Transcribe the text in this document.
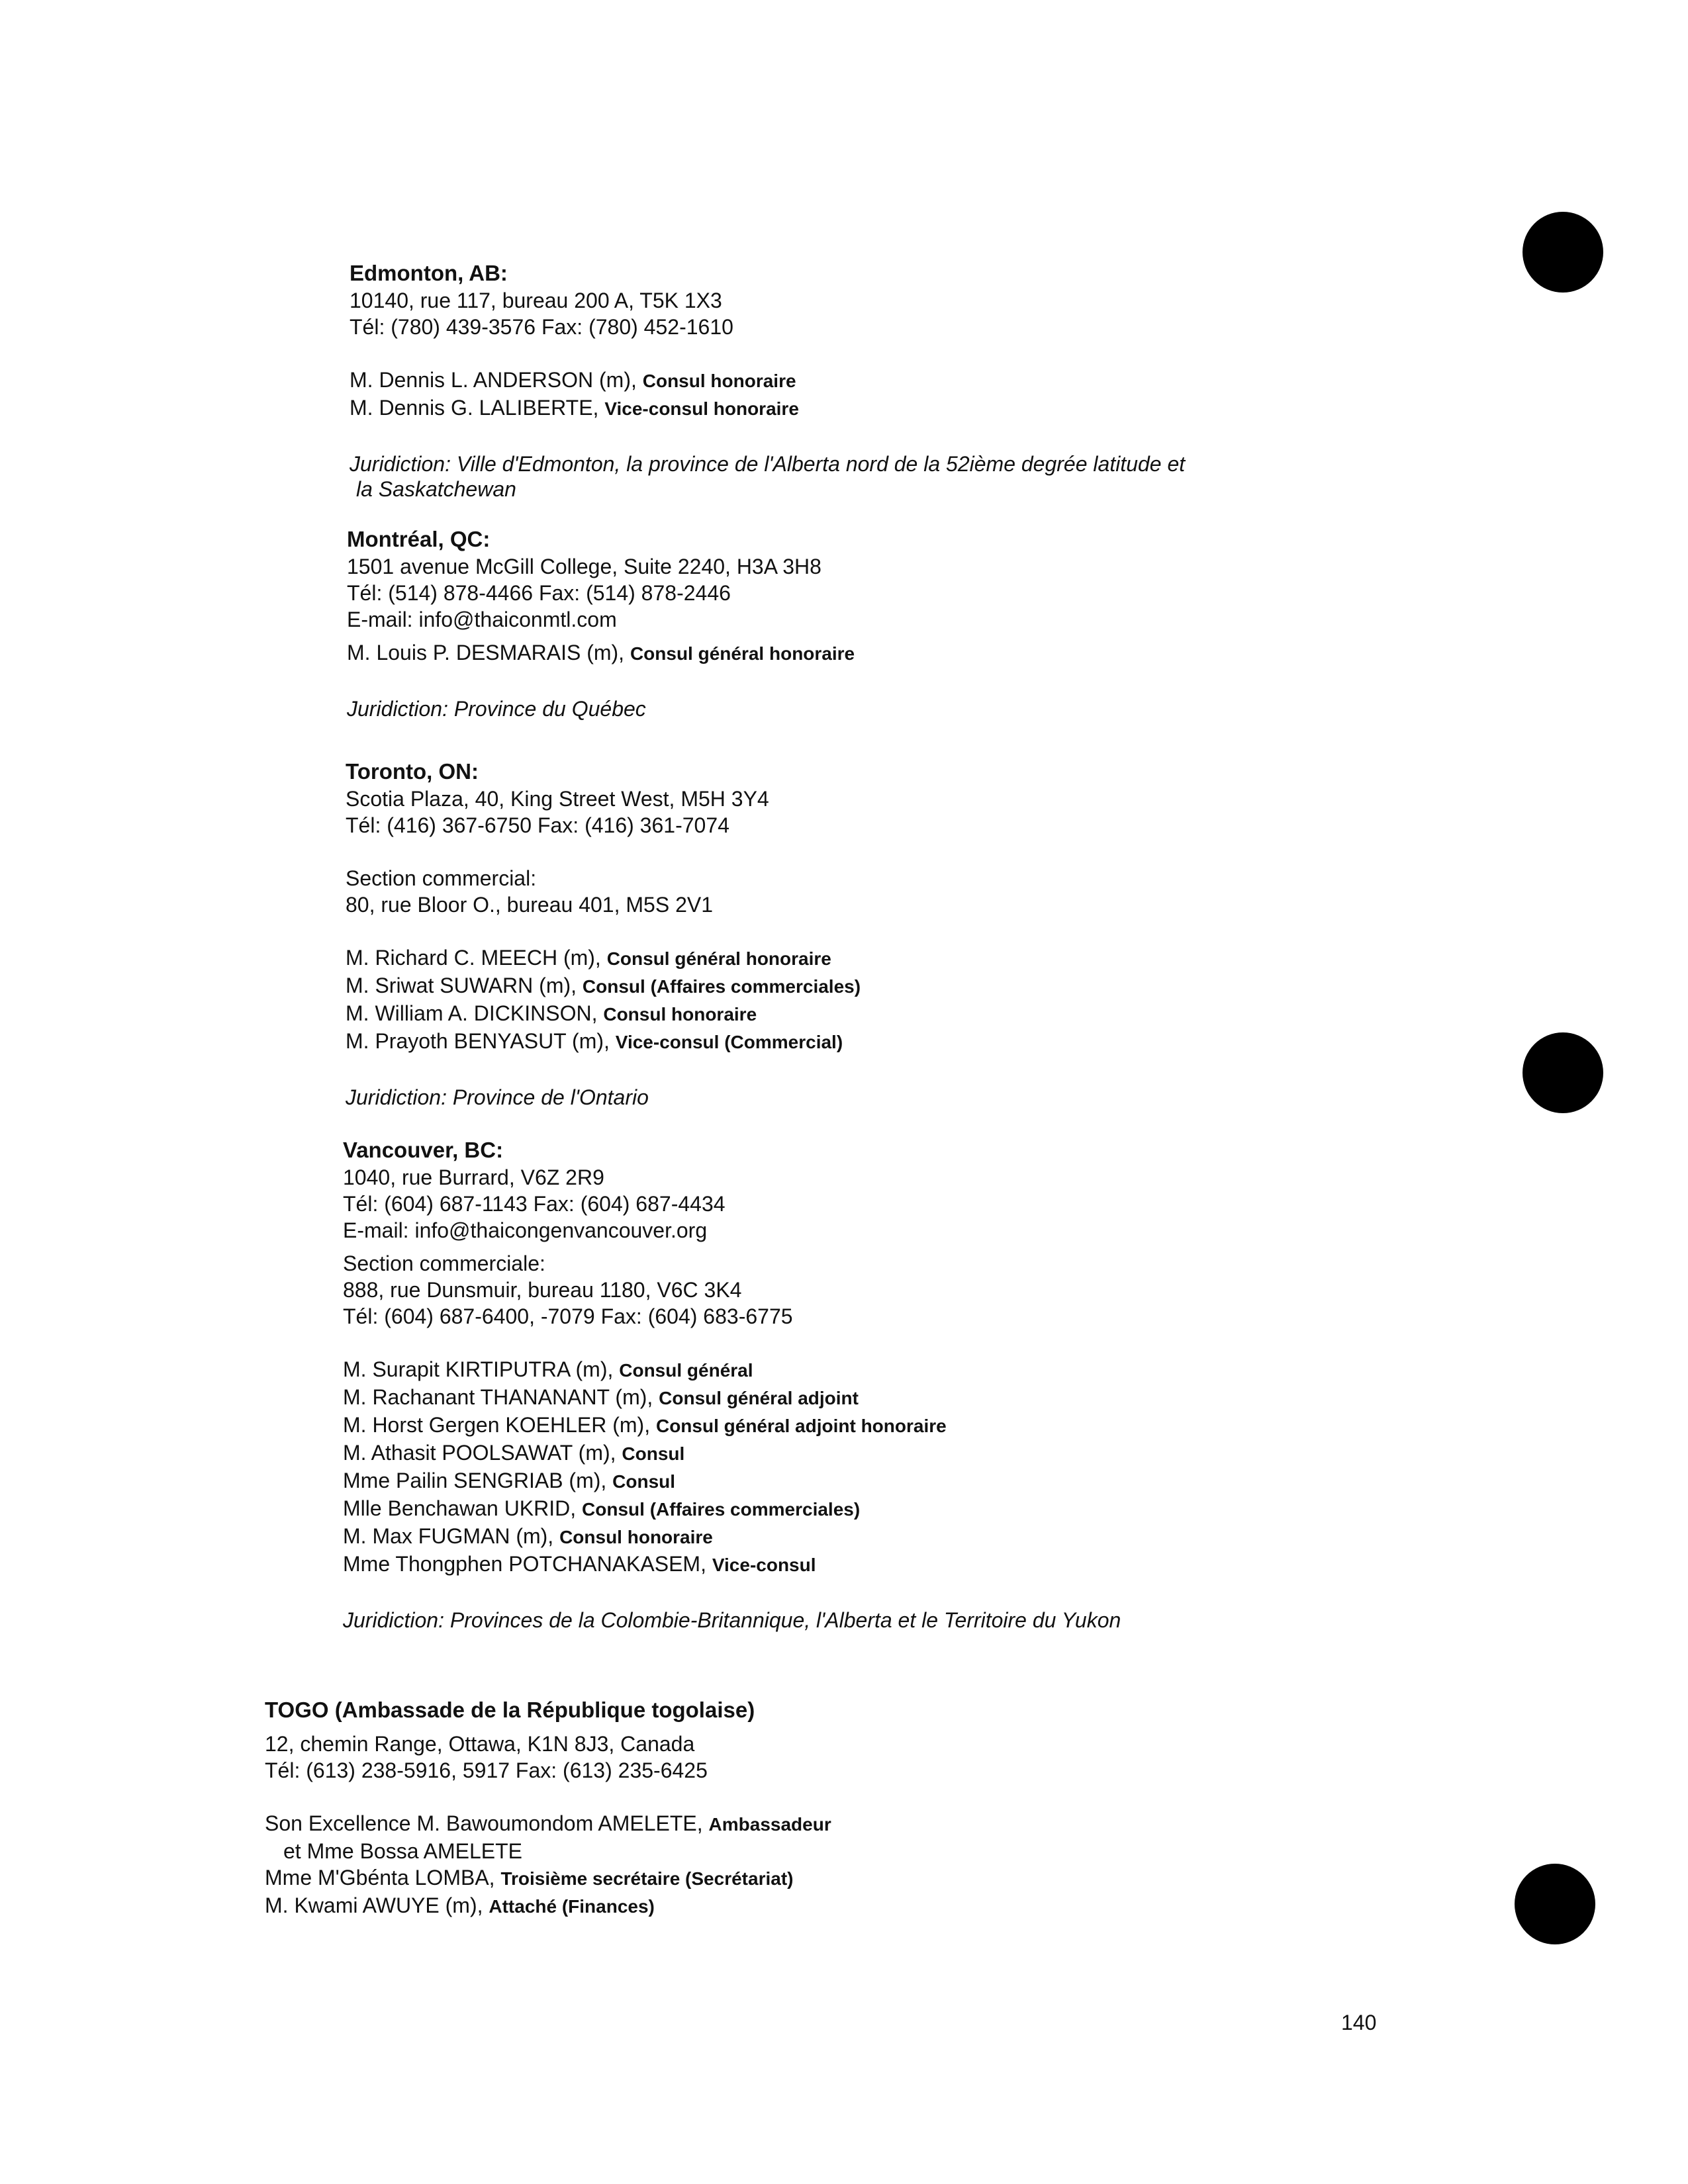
Edmonton, AB:
10140, rue 117, bureau 200 A, T5K 1X3
Tél: (780) 439-3576 Fax: (780) 452-1610
M. Dennis L. ANDERSON (m), Consul honoraire
M. Dennis G. LALIBERTE, Vice-consul honoraire
Juridiction: Ville d'Edmonton, la province de l'Alberta nord de la 52ième degrée latitude et
la Saskatchewan
Montréal, QC:
1501 avenue McGill College, Suite 2240, H3A 3H8
Tél: (514) 878-4466 Fax: (514) 878-2446
E-mail: info@thaiconmtl.com
M. Louis P. DESMARAIS (m), Consul général honoraire
Juridiction: Province du Québec
Toronto, ON:
Scotia Plaza, 40, King Street West, M5H 3Y4
Tél: (416) 367-6750 Fax: (416) 361-7074
Section commercial:
80, rue Bloor O., bureau 401, M5S 2V1
M. Richard C. MEECH (m), Consul général honoraire
M. Sriwat SUWARN (m), Consul (Affaires commerciales)
M. William A. DICKINSON, Consul honoraire
M. Prayoth BENYASUT (m), Vice-consul (Commercial)
Juridiction: Province de l'Ontario
Vancouver, BC:
1040, rue Burrard, V6Z 2R9
Tél: (604) 687-1143 Fax: (604) 687-4434
E-mail: info@thaicongenvancouver.org
Section commerciale:
888, rue Dunsmuir, bureau 1180, V6C 3K4
Tél: (604) 687-6400, -7079 Fax: (604) 683-6775
M. Surapit KIRTIPUTRA (m), Consul général
M. Rachanant THANANANT (m), Consul général adjoint
M. Horst Gergen KOEHLER (m), Consul général adjoint honoraire
M. Athasit POOLSAWAT (m), Consul
Mme Pailin SENGRIAB (m), Consul
Mlle Benchawan UKRID, Consul (Affaires commerciales)
M. Max FUGMAN (m), Consul honoraire
Mme Thongphen POTCHANAKASEM, Vice-consul
Juridiction: Provinces de la Colombie-Britannique, l'Alberta et le Territoire du Yukon
TOGO (Ambassade de la République togolaise)
12, chemin Range, Ottawa, K1N 8J3, Canada
Tél: (613) 238-5916, 5917 Fax: (613) 235-6425
Son Excellence M. Bawoumondom AMELETE, Ambassadeur
et Mme Bossa AMELETE
Mme M'Gbénta LOMBA, Troisième secrétaire (Secrétariat)
M. Kwami AWUYE (m), Attaché (Finances)
140
